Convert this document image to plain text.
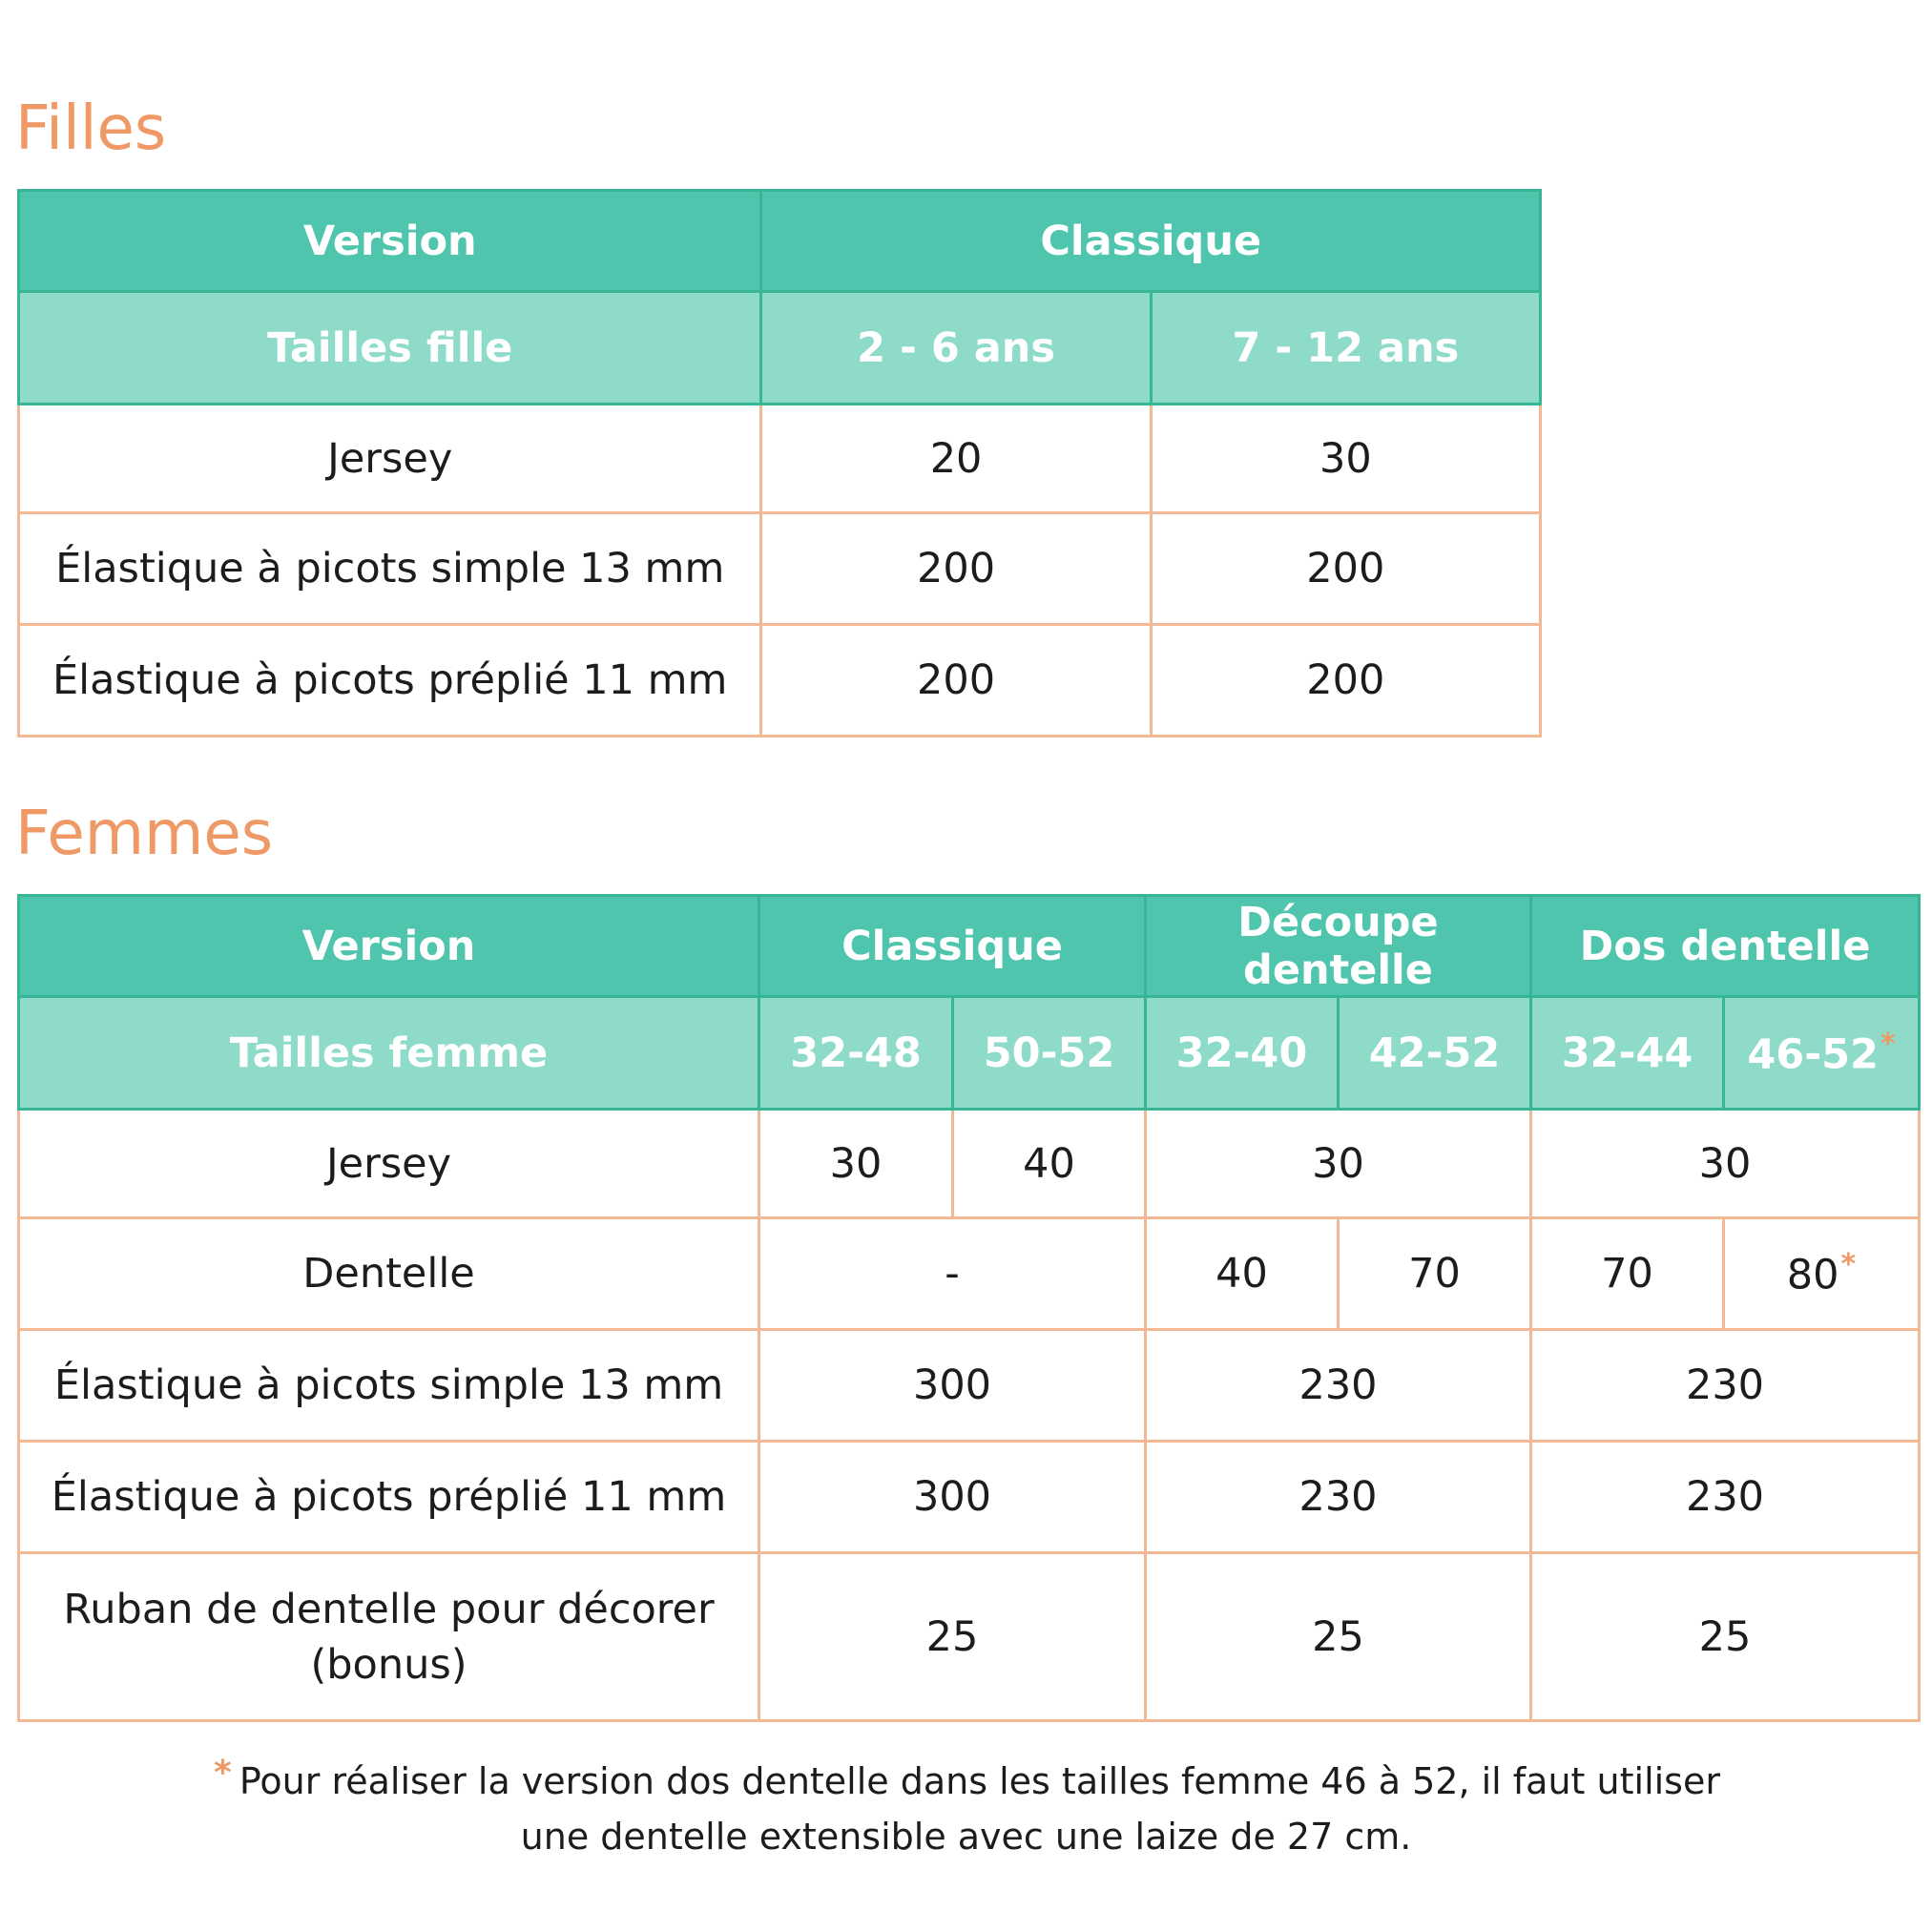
Filles
Version	Classique	
Tailles fille	2 - 6 ans	7 - 12 ans
Jersey	20	30
Élastique à picots simple 13 mm	200	200
Élastique à picots préplié 11 mm	200	200
Femmes
Version	Classique		Découpe dentelle		Dos dentelle	
Tailles femme	32-48	50-52	32-40	42-52	32-44	46-52*
Jersey	30	40	30		30	
Dentelle	-		40	70	70	80*
Élastique à picots simple 13 mm	300		230		230	
Élastique à picots préplié 11 mm	300		230		230	

Ruban de dentelle pour décorer
(bonus)	25		25		25	
* Pour réaliser la version dos dentelle dans les tailles femme 46 à 52, il faut utiliser
une dentelle extensible avec une laize de 27 cm.
